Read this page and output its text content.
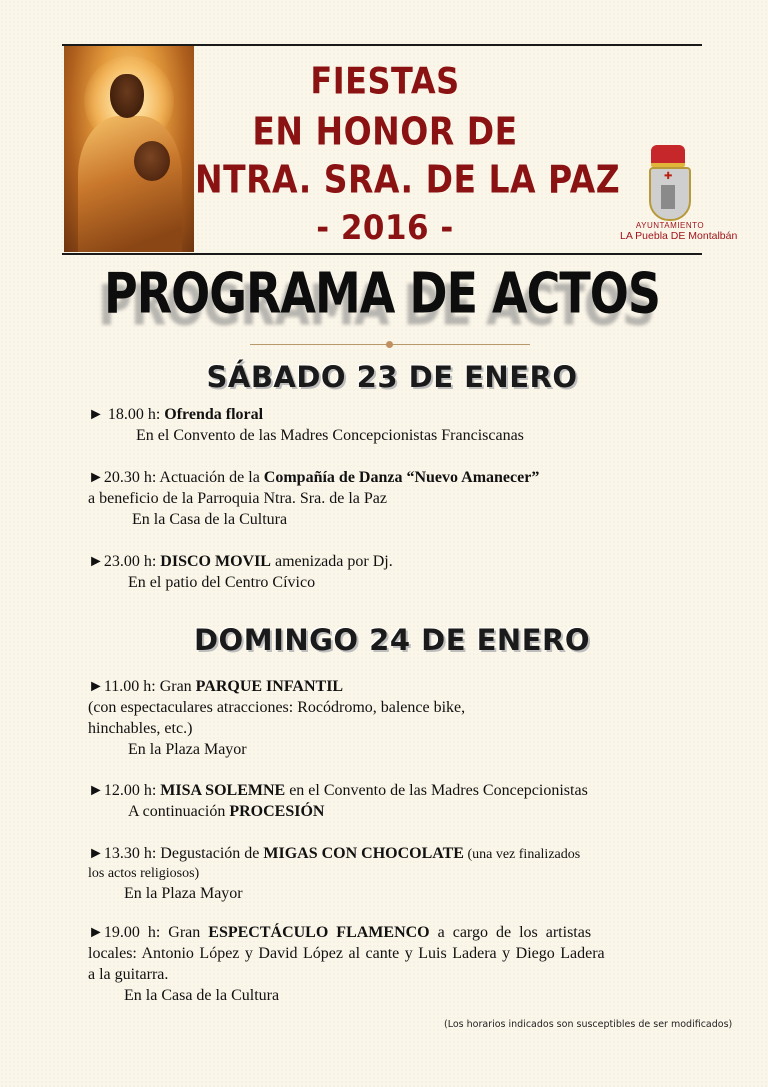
FIESTAS
EN HONOR DE
NTRA. SRA. DE LA PAZ
- 2016 -
✚
AYUNTAMIENTO
LA Puebla DE Montalbán
PROGRAMA DE ACTOS
SÁBADO 23 DE ENERO

► 18.00 h: Ofrenda floral

En el Convento de las Madres Concepcionistas Franciscanas

►20.30 h: Actuación de la Compañía de Danza “Nuevo Amanecer”

a beneficio de la Parroquia Ntra. Sra. de la Paz

En la Casa de la Cultura

►23.00 h: DISCO MOVIL amenizada por Dj.

En el patio del Centro Cívico

DOMINGO 24 DE ENERO

►11.00 h: Gran PARQUE INFANTIL

(con espectaculares atracciones: Rocódromo, balence bike,

hinchables, etc.)

En la Plaza Mayor

►12.00 h: MISA SOLEMNE en el Convento de las Madres Concepcionistas

A continuación PROCESIÓN

►13.30 h: Degustación de MIGAS CON CHOCOLATE (una vez finalizados

los actos religiosos)

En la Plaza Mayor

►19.00 h: Gran ESPECTÁCULO FLAMENCO a cargo de los artistas

locales: Antonio López y David López al cante y Luis Ladera y Diego Ladera

a la guitarra.

En la Casa de la Cultura

(Los horarios indicados son susceptibles de ser modificados)
